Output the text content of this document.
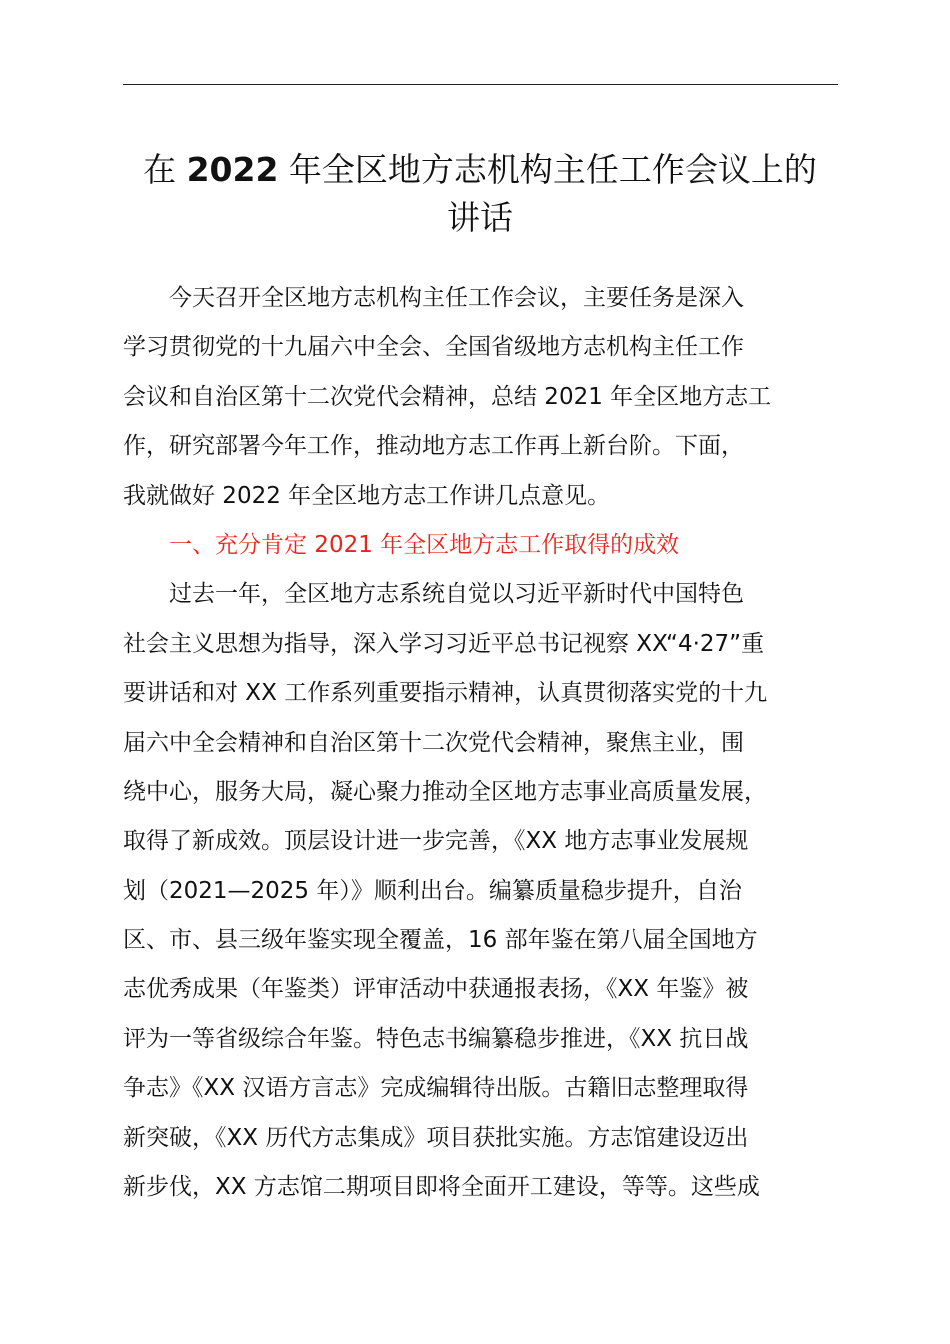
在 2022 年全区地方志机构主任工作会议上的
讲话
今天召开全区地方志机构主任工作会议，主要任务是深入
学习贯彻党的十九届六中全会、全国省级地方志机构主任工作
会议和自治区第十二次党代会精神，总结 2021 年全区地方志工
作，研究部署今年工作，推动地方志工作再上新台阶。下面，
我就做好 2022 年全区地方志工作讲几点意见。
一、充分肯定 2021 年全区地方志工作取得的成效
过去一年，全区地方志系统自觉以习近平新时代中国特色
社会主义思想为指导，深入学习习近平总书记视察 XX“4·27”重
要讲话和对 XX 工作系列重要指示精神，认真贯彻落实党的十九
届六中全会精神和自治区第十二次党代会精神，聚焦主业，围
绕中心，服务大局，凝心聚力推动全区地方志事业高质量发展，
取得了新成效。顶层设计进一步完善，《XX 地方志事业发展规
划（2021—2025 年）》顺利出台。编纂质量稳步提升，自治
区、市、县三级年鉴实现全覆盖，16 部年鉴在第八届全国地方
志优秀成果（年鉴类）评审活动中获通报表扬，《XX 年鉴》被
评为一等省级综合年鉴。特色志书编纂稳步推进，《XX 抗日战
争志》《XX 汉语方言志》完成编辑待出版。古籍旧志整理取得
新突破，《XX 历代方志集成》项目获批实施。方志馆建设迈出
新步伐，XX 方志馆二期项目即将全面开工建设，等等。这些成
